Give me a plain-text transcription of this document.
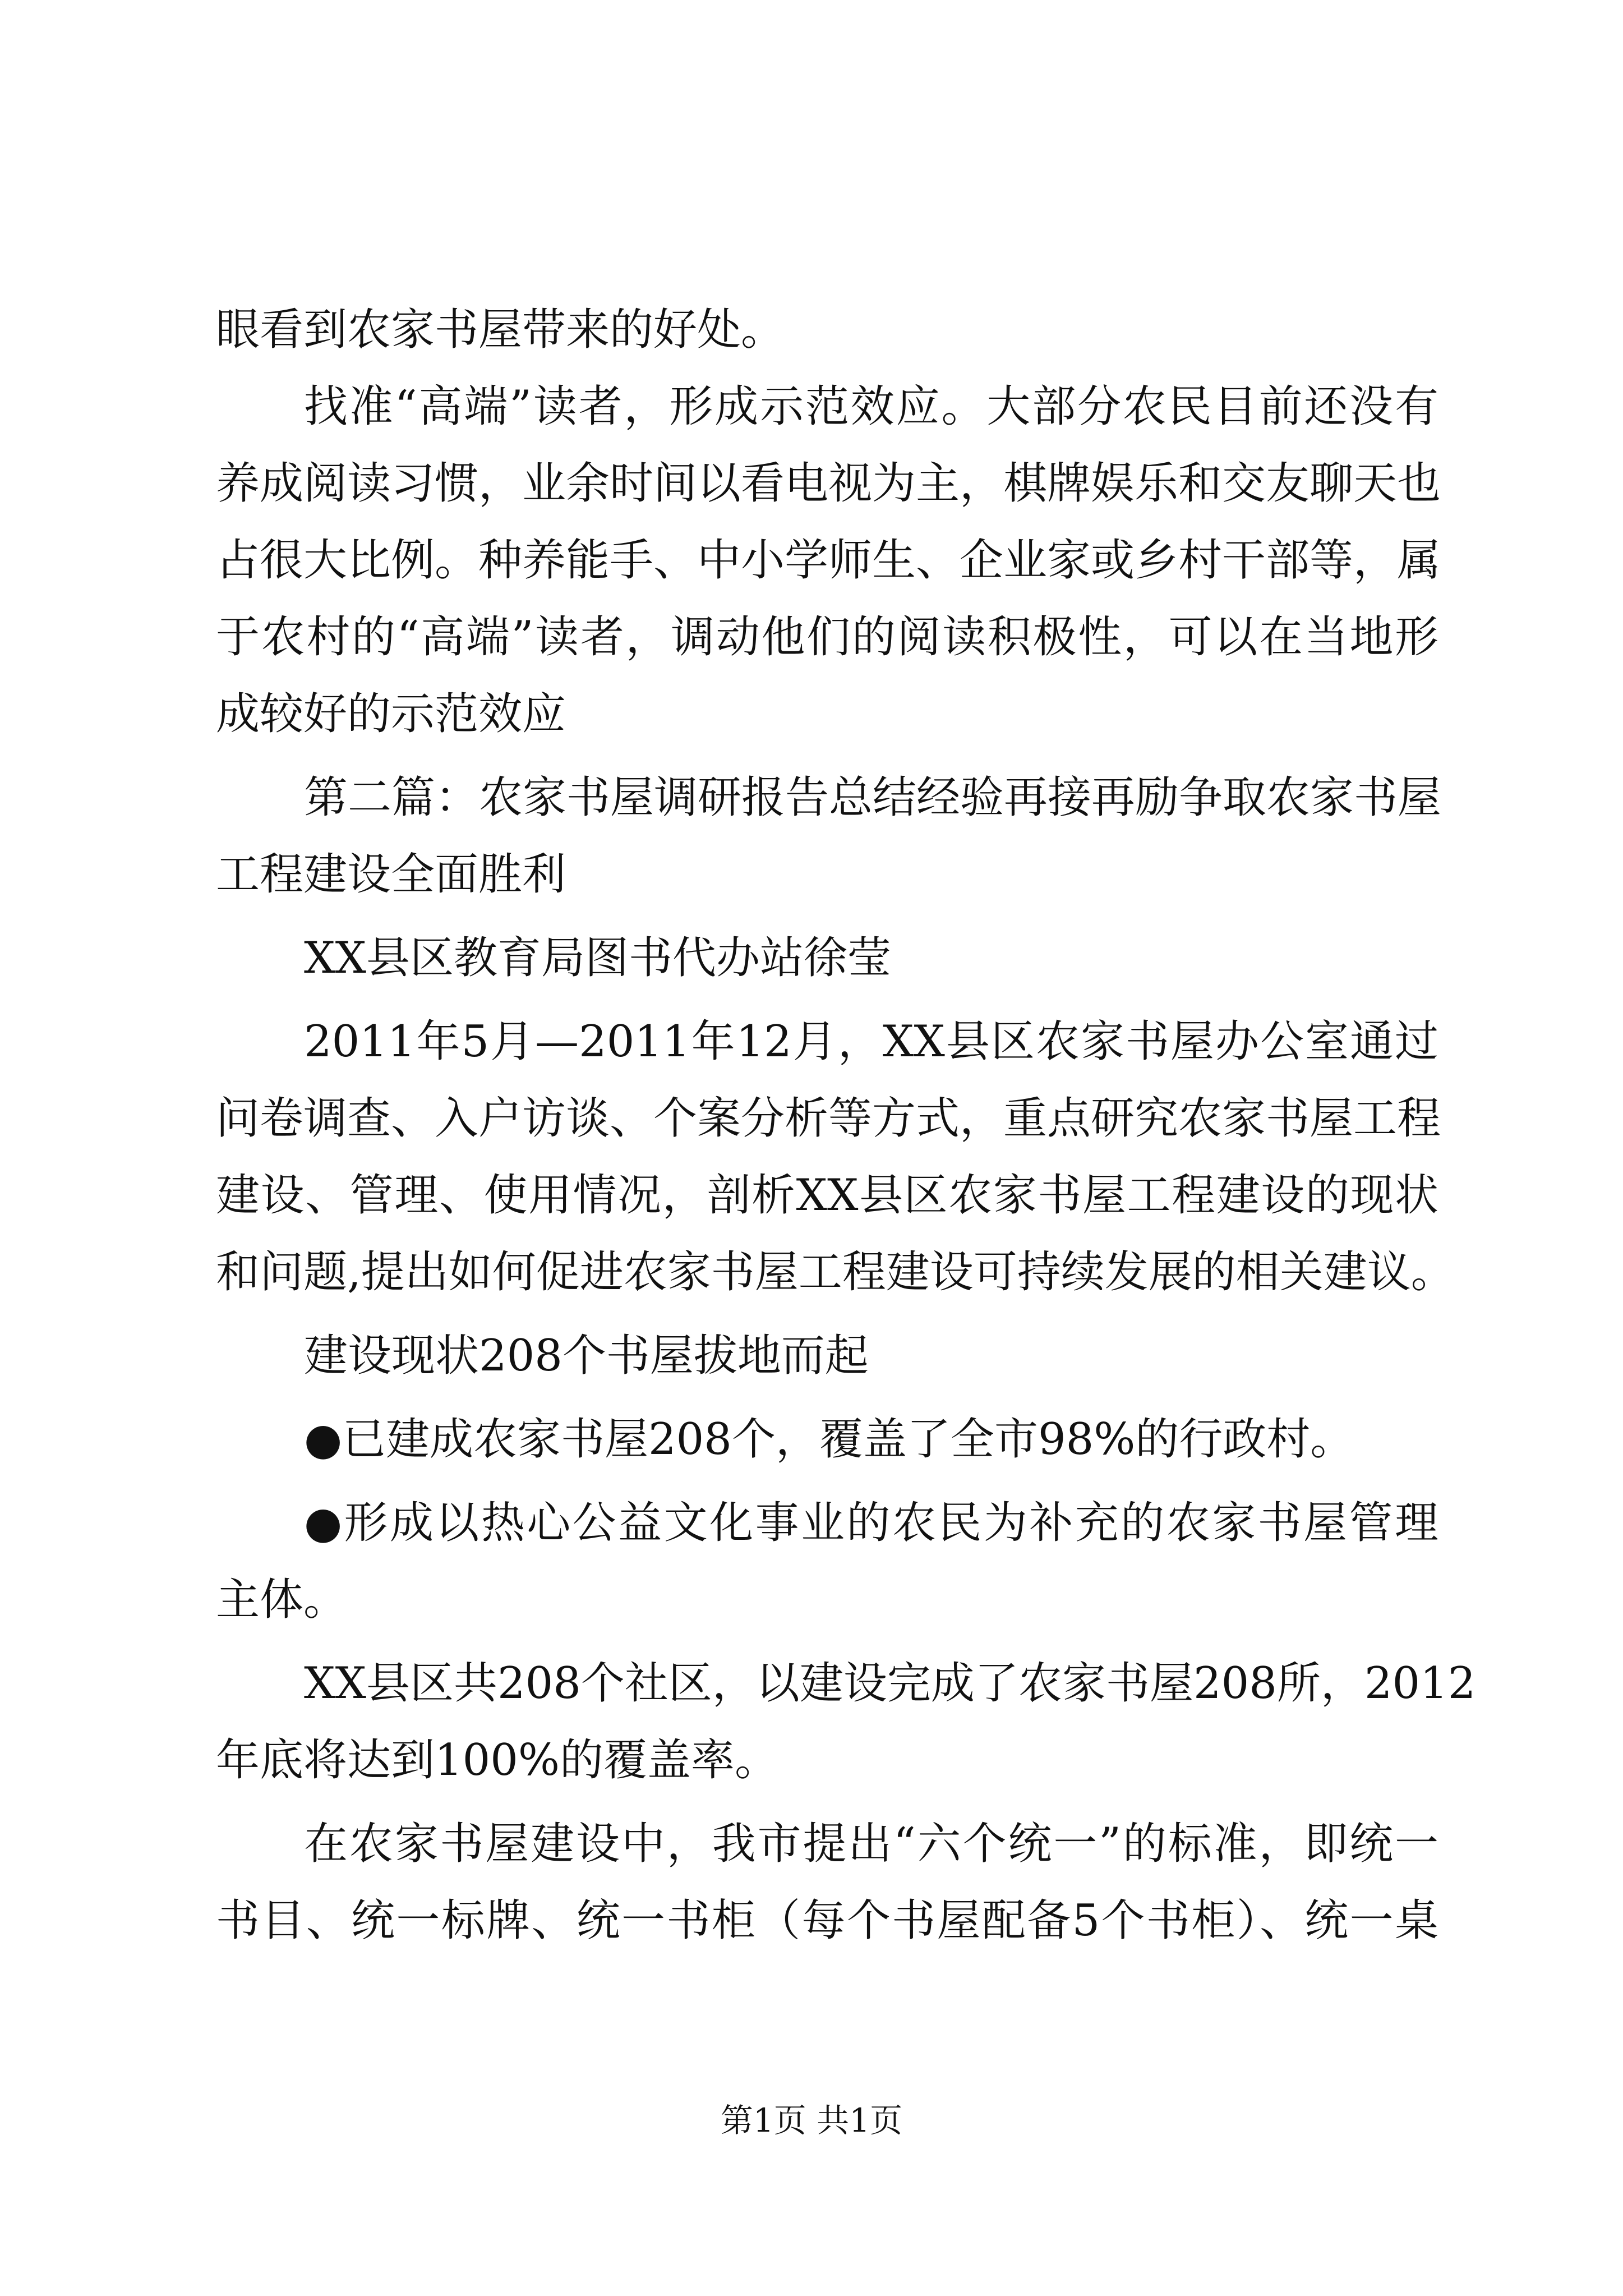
眼看到农家书屋带来的好处。
找准“高端”读者，形成示范效应。大部分农民目前还没有
养成阅读习惯，业余时间以看电视为主，棋牌娱乐和交友聊天也
占很大比例。种养能手、中小学师生、企业家或乡村干部等，属
于农村的“高端”读者，调动他们的阅读积极性，可以在当地形
成较好的示范效应
第二篇：农家书屋调研报告总结经验再接再励争取农家书屋
工程建设全面胜利
XX县区教育局图书代办站徐莹
2011年5月—2011年12月，XX县区农家书屋办公室通过
问卷调查、入户访谈、个案分析等方式，重点研究农家书屋工程
建设、管理、使用情况，剖析XX县区农家书屋工程建设的现状
和问题,提出如何促进农家书屋工程建设可持续发展的相关建议。
建设现状208个书屋拔地而起
●已建成农家书屋208个，覆盖了全市98%的行政村。
●形成以热心公益文化事业的农民为补充的农家书屋管理
主体。
XX县区共208个社区，以建设完成了农家书屋208所，2012
年底将达到100%的覆盖率。
在农家书屋建设中，我市提出“六个统一”的标准，即统一
书目、统一标牌、统一书柜（每个书屋配备5个书柜）、统一桌
第1页 共1页
